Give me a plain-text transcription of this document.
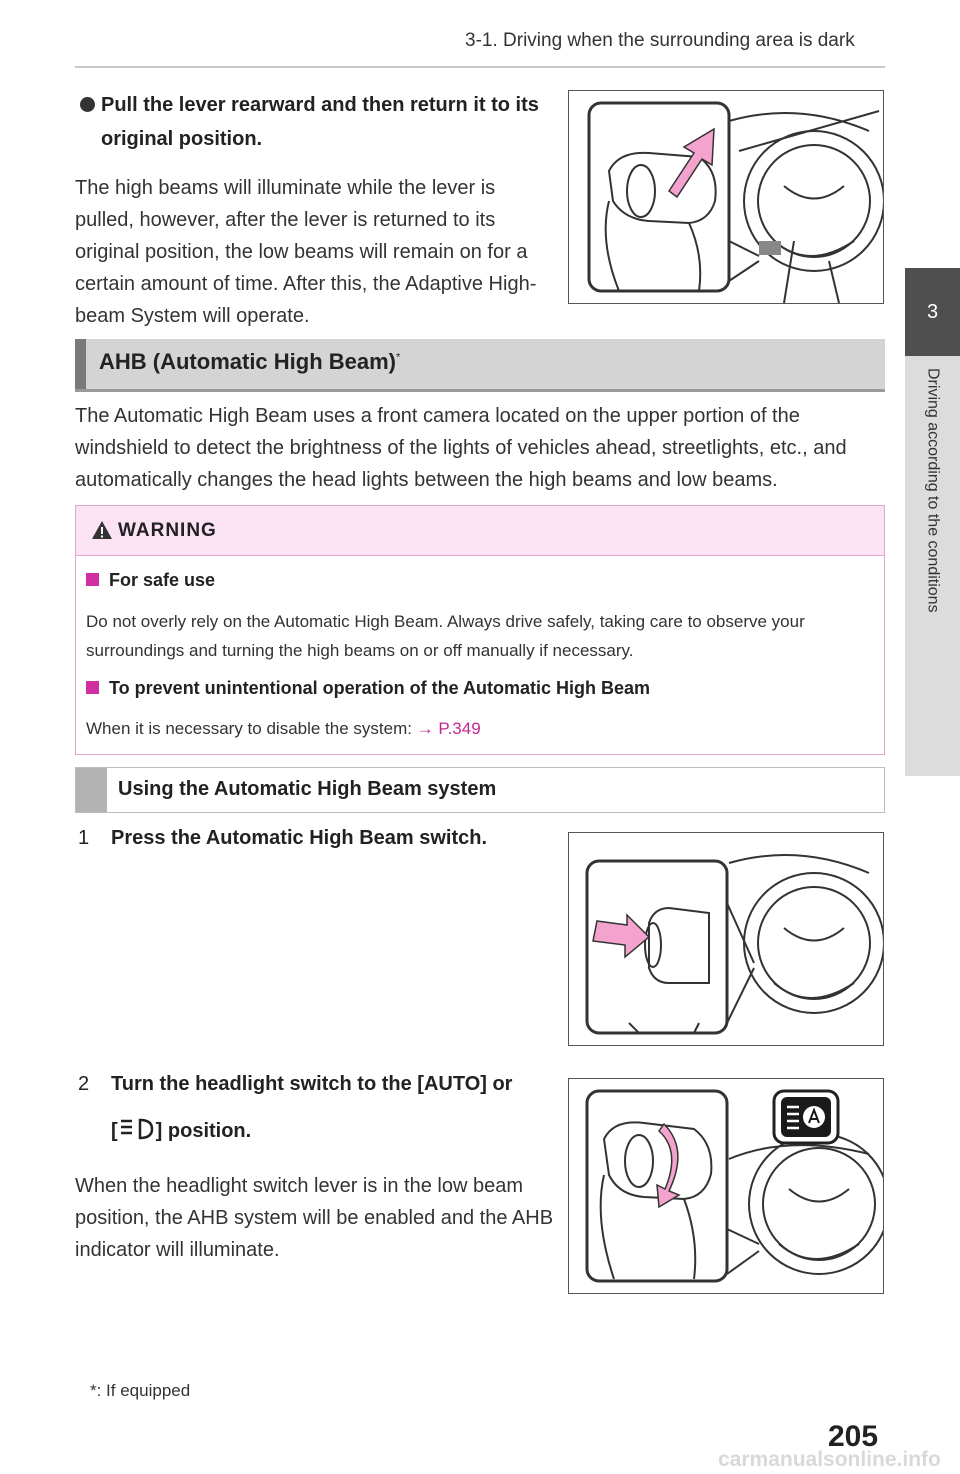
3-1. Driving when the surrounding area is dark
3
Driving according to the conditions
Pull the lever rearward and then return it to its original position.
The high beams will illuminate while the lever is pulled, however, after the lever is returned to its original position, the low beams will remain on for a certain amount of time. After this, the Adaptive High-beam System will operate.
AHB (Automatic High Beam)*
The Automatic High Beam uses a front camera located on the upper portion of the windshield to detect the brightness of the lights of vehicles ahead, streetlights, etc., and automatically changes the head lights between the high beams and low beams.
WARNING
For safe use
Do not overly rely on the Automatic High Beam. Always drive safely, taking care to observe your surroundings and turning the high beams on or off manually if necessary.
To prevent unintentional operation of the Automatic High Beam
When it is necessary to disable the system: → P.349
Using the Automatic High Beam system
1 Press the Automatic High Beam switch.
2 Turn the headlight switch to the [AUTO] or
[ ] position.
When the headlight switch lever is in the low beam position, the AHB system will be enabled and the AHB indicator will illuminate.
*: If equipped
205
carmanualsonline.info
